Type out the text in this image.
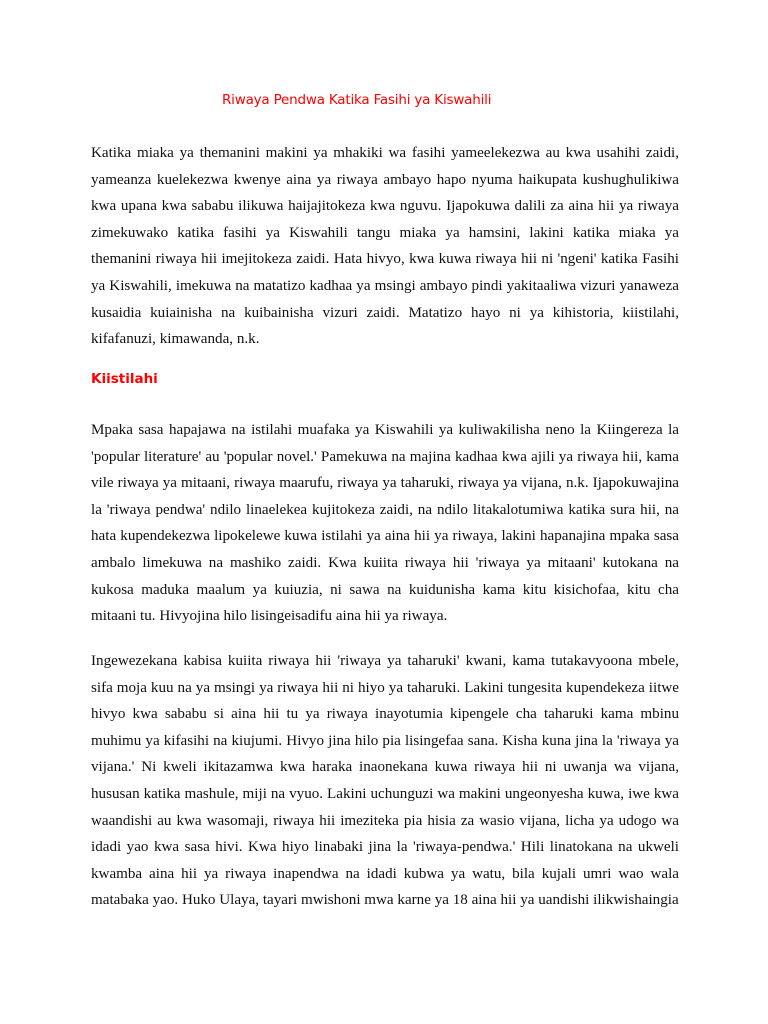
Riwaya Pendwa Katika Fasihi ya Kiswahili

Katika miaka ya themanini makini ya mhakiki wa fasihi yameelekezwa au kwa usahihi zaidi, yameanza kuelekezwa kwenye aina ya riwaya ambayo hapo nyuma haikupata kushughulikiwa kwa upana kwa sababu ilikuwa haijajitokeza kwa nguvu. Ijapokuwa dalili za aina hii ya riwaya zimekuwako katika fasihi ya Kiswahili tangu miaka ya hamsini, lakini katika miaka ya themanini riwaya hii imejitokeza zaidi. Hata hivyo, kwa kuwa riwaya hii ni 'ngeni' katika Fasihi ya Kiswahili, imekuwa na matatizo kadhaa ya msingi ambayo pindi yakitaaliwa vizuri yanaweza kusaidia kuiainisha na kuibainisha vizuri zaidi. Matatizo hayo ni ya kihistoria, kiistilahi, kifafanuzi, kimawanda, n.k.

Kiistilahi

Mpaka sasa hapajawa na istilahi muafaka ya Kiswahili ya kuliwakilisha neno la Kiingereza la 'popular literature' au 'popular novel.' Pamekuwa na majina kadhaa kwa ajili ya riwaya hii, kama vile riwaya ya mitaani, riwaya maarufu, riwaya ya taharuki, riwaya ya vijana, n.k. Ijapokuwajina la 'riwaya pendwa' ndilo linaelekea kujitokeza zaidi, na ndilo litakalotumiwa katika sura hii, na hata kupendekezwa lipokelewe kuwa istilahi ya aina hii ya riwaya, lakini hapanajina mpaka sasa ambalo limekuwa na mashiko zaidi. Kwa kuiita riwaya hii 'riwaya ya mitaani' kutokana na kukosa maduka maalum ya kuiuzia, ni sawa na kuidunisha kama kitu kisichofaa, kitu cha mitaani tu. Hivyojina hilo lisingeisadifu aina hii ya riwaya.

Ingewezekana kabisa kuiita riwaya hii 'riwaya ya taharuki' kwani, kama tutakavyoona mbele, sifa moja kuu na ya msingi ya riwaya hii ni hiyo ya taharuki. Lakini tungesita kupendekeza iitwe hivyo kwa sababu si aina hii tu ya riwaya inayotumia kipengele cha taharuki kama mbinu muhimu ya kifasihi na kiujumi. Hivyo jina hilo pia lisingefaa sana. Kisha kuna jina la 'riwaya ya vijana.' Ni kweli ikitazamwa kwa haraka inaonekana kuwa riwaya hii ni uwanja wa vijana, hususan katika mashule, miji na vyuo. Lakini uchunguzi wa makini ungeonyesha kuwa, iwe kwa waandishi au kwa wasomaji, riwaya hii imeziteka pia hisia za wasio vijana, licha ya udogo wa idadi yao kwa sasa hivi. Kwa hiyo linabaki jina la 'riwaya-pendwa.' Hili linatokana na ukweli kwamba aina hii ya riwaya inapendwa na idadi kubwa ya watu, bila kujali umri wao wala matabaka yao. Huko Ulaya, tayari mwishoni mwa karne ya 18 aina hii ya uandishi ilikwishaingia
